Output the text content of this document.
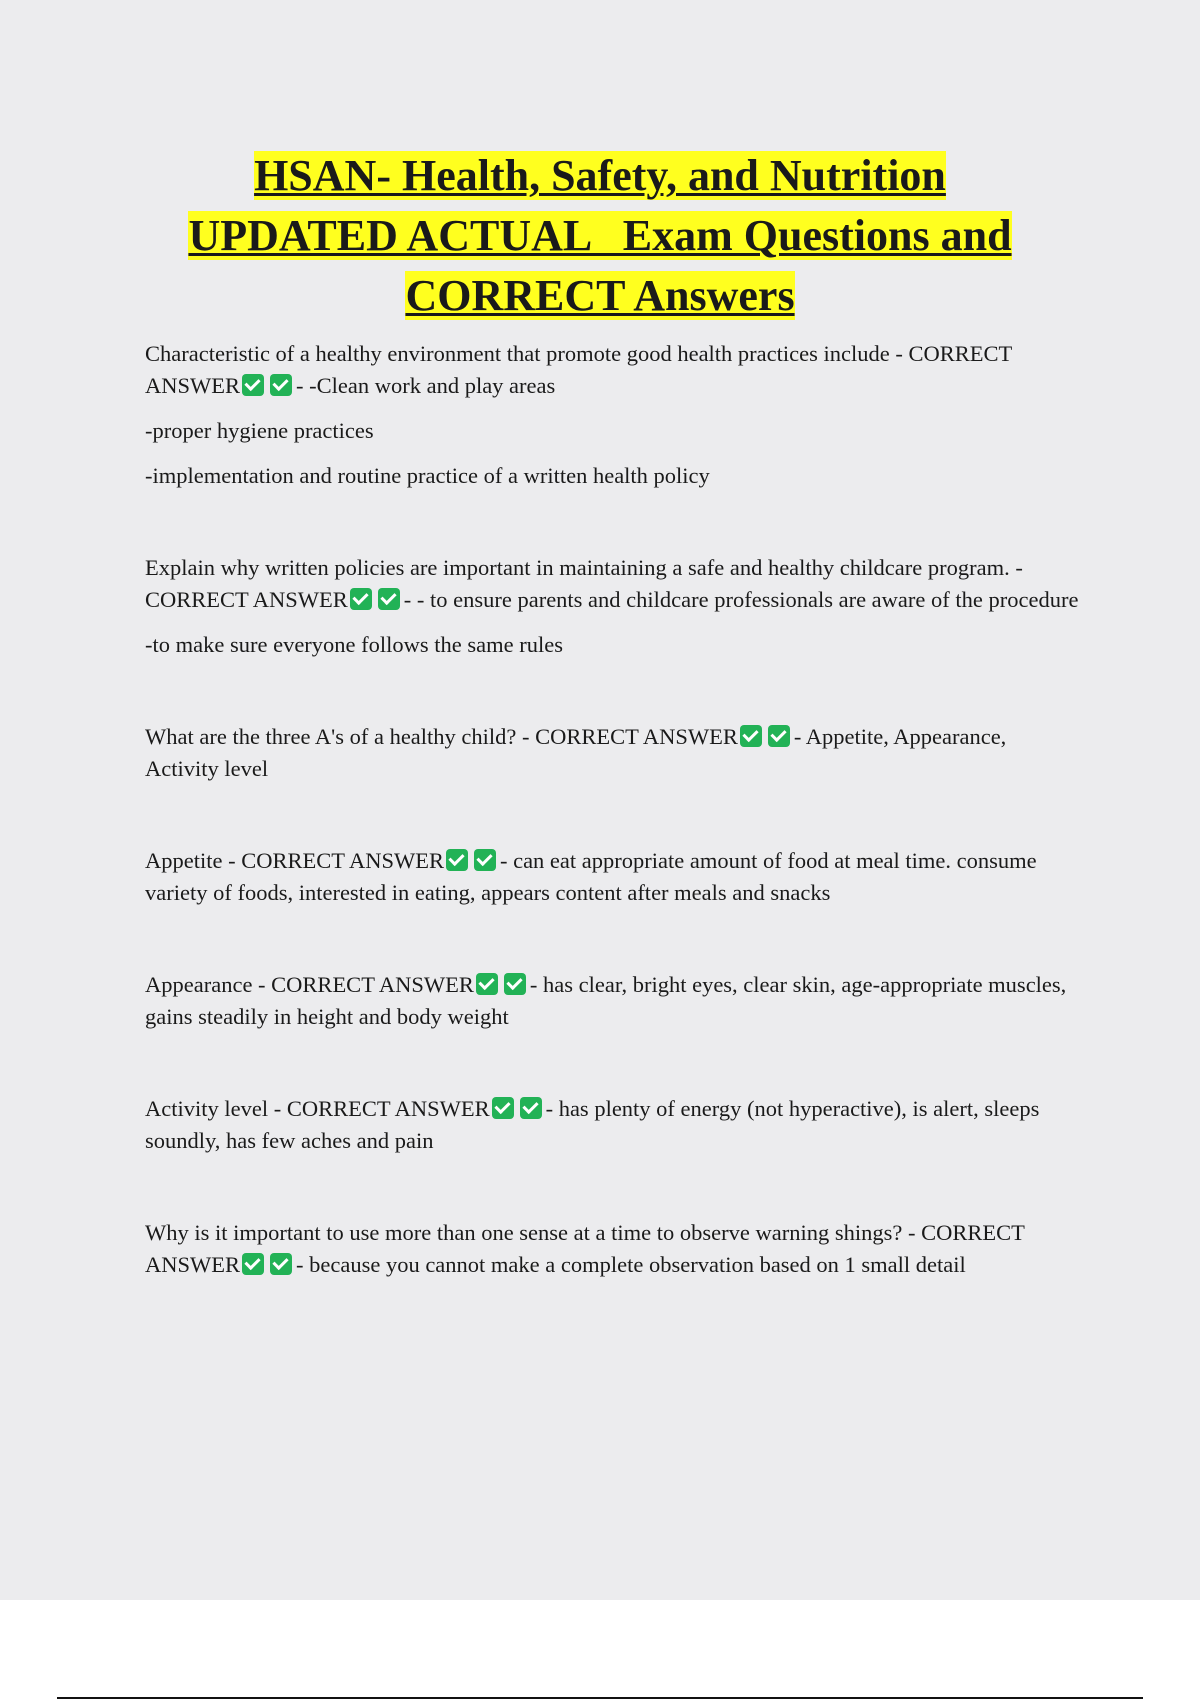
HSAN- Health, Safety, and Nutrition
UPDATED ACTUAL   Exam Questions and
CORRECT Answers

Characteristic of a healthy environment that promote good health practices include - CORRECT ANSWER - -Clean work and play areas

-proper hygiene practices

-implementation and routine practice of a written health policy

Explain why written policies are important in maintaining a safe and healthy childcare program. - CORRECT ANSWER - - to ensure parents and childcare professionals are aware of the procedure

-to make sure everyone follows the same rules

What are the three A's of a healthy child? - CORRECT ANSWER - Appetite, Appearance, Activity level

Appetite - CORRECT ANSWER - can eat appropriate amount of food at meal time. consume variety of foods, interested in eating, appears content after meals and snacks

Appearance - CORRECT ANSWER - has clear, bright eyes, clear skin, age-appropriate muscles, gains steadily in height and body weight

Activity level - CORRECT ANSWER - has plenty of energy (not hyperactive), is alert, sleeps soundly, has few aches and pain

Why is it important to use more than one sense at a time to observe warning shings? - CORRECT ANSWER - because you cannot make a complete observation based on 1 small detail
